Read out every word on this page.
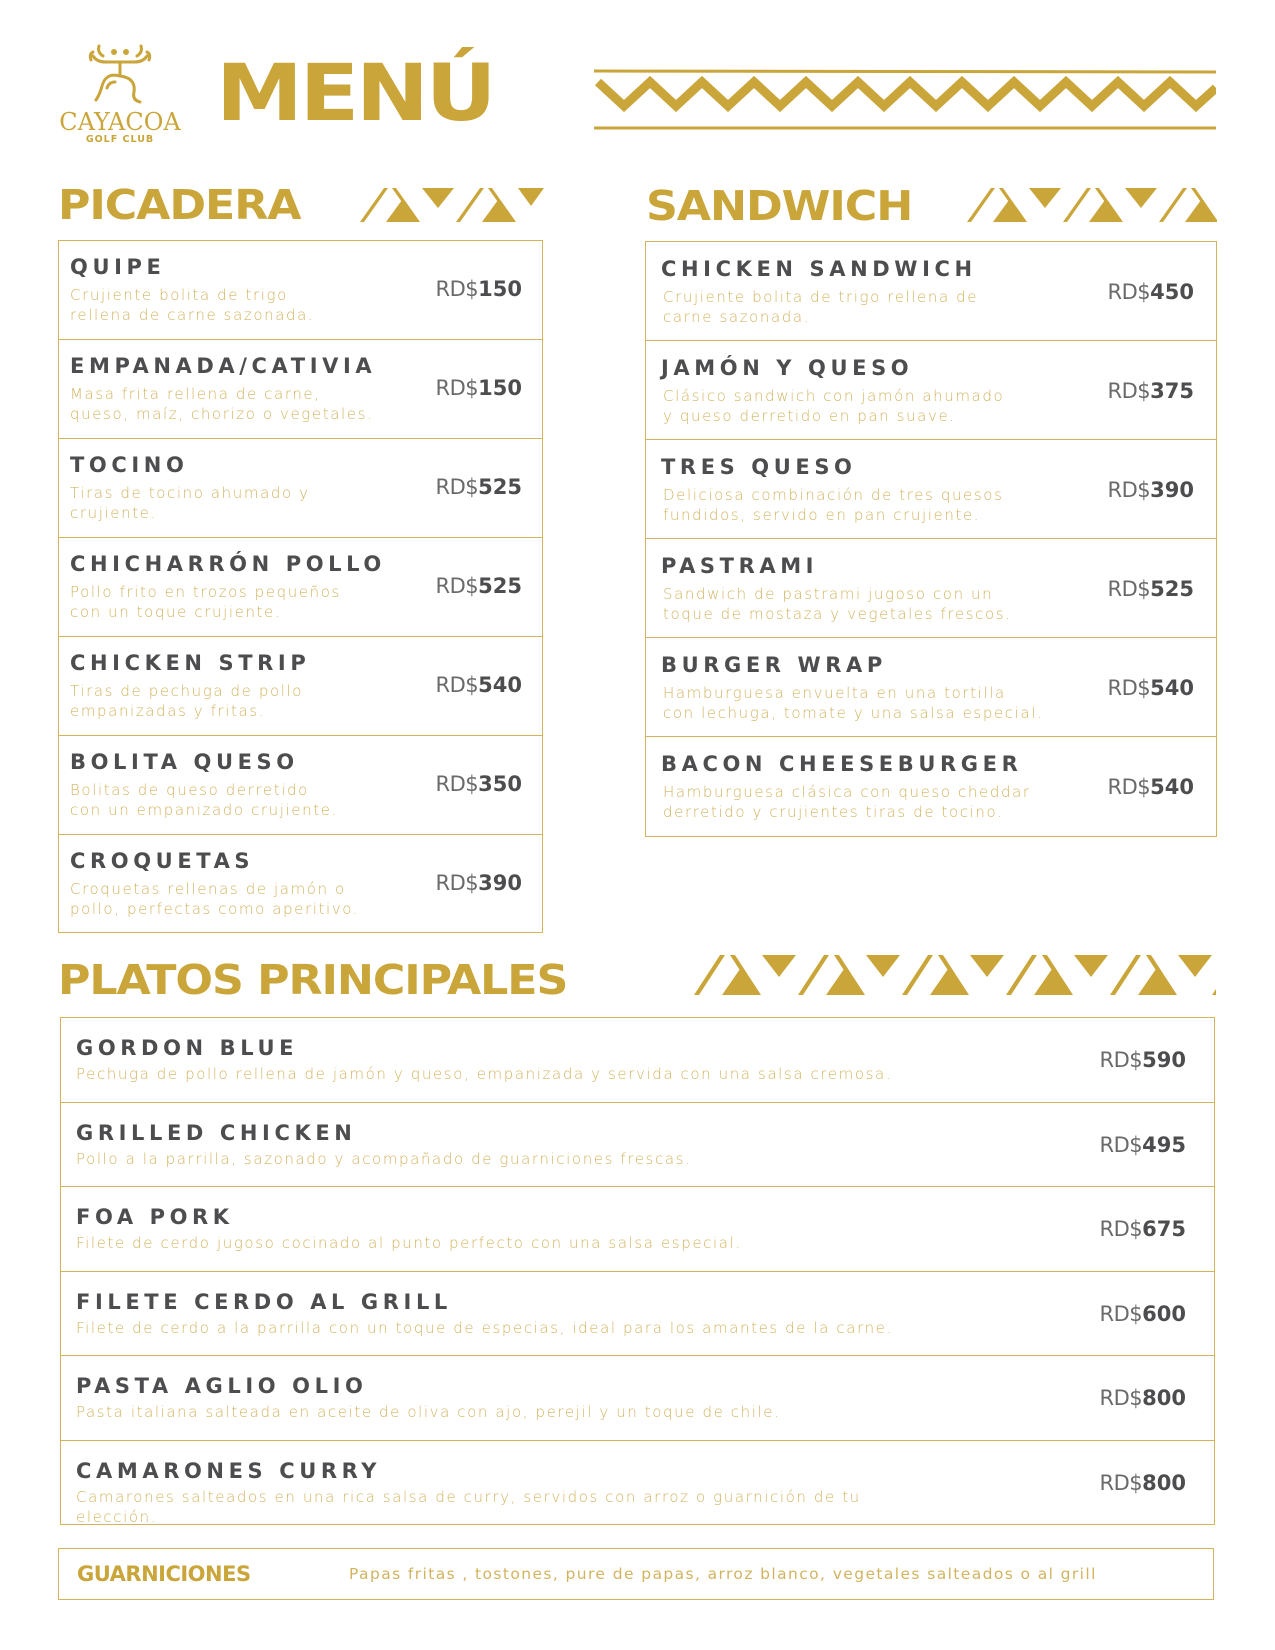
CAYACOA
GOLF CLUB
MENÚ
PICADERA
QUIPE
Crujiente bolita de trigo
rellena de carne sazonada.
RD$150
EMPANADA/CATIVIA
Masa frita rellena de carne,
queso, maíz, chorizo o vegetales.
RD$150
TOCINO
Tiras de tocino ahumado y
crujiente.
RD$525
CHICHARRÓN POLLO
Pollo frito en trozos pequeños
con un toque crujiente.
RD$525
CHICKEN STRIP
Tiras de pechuga de pollo
empanizadas y fritas.
RD$540
BOLITA QUESO
Bolitas de queso derretido
con un empanizado crujiente.
RD$350
CROQUETAS
Croquetas rellenas de jamón o
pollo, perfectas como aperitivo.
RD$390
SANDWICH
CHICKEN SANDWICH
Crujiente bolita de trigo rellena de
carne sazonada.
RD$450
JAMÓN Y QUESO
Clásico sandwich con jamón ahumado
y queso derretido en pan suave.
RD$375
TRES QUESO
Deliciosa combinación de tres quesos
fundidos, servido en pan crujiente.
RD$390
PASTRAMI
Sandwich de pastrami jugoso con un
toque de mostaza y vegetales frescos.
RD$525
BURGER WRAP
Hamburguesa envuelta en una tortilla
con lechuga, tomate y una salsa especial.
RD$540
BACON CHEESEBURGER
Hamburguesa clásica con queso cheddar
derretido y crujientes tiras de tocino.
RD$540
PLATOS PRINCIPALES
GORDON BLUE
Pechuga de pollo rellena de jamón y queso, empanizada y servida con una salsa cremosa.
RD$590
GRILLED CHICKEN
Pollo a la parrilla, sazonado y acompañado de guarniciones frescas.
RD$495
FOA PORK
Filete de cerdo jugoso cocinado al punto perfecto con una salsa especial.
RD$675
FILETE CERDO AL GRILL
Filete de cerdo a la parrilla con un toque de especias, ideal para los amantes de la carne.
RD$600
PASTA AGLIO OLIO
Pasta italiana salteada en aceite de oliva con ajo, perejil y un toque de chile.
RD$800
CAMARONES CURRY
Camarones salteados en una rica salsa de curry, servidos con arroz o guarnición de tu
elección.
RD$800
GUARNICIONES	Papas fritas , tostones, pure de papas, arroz blanco, vegetales salteados o al grill
